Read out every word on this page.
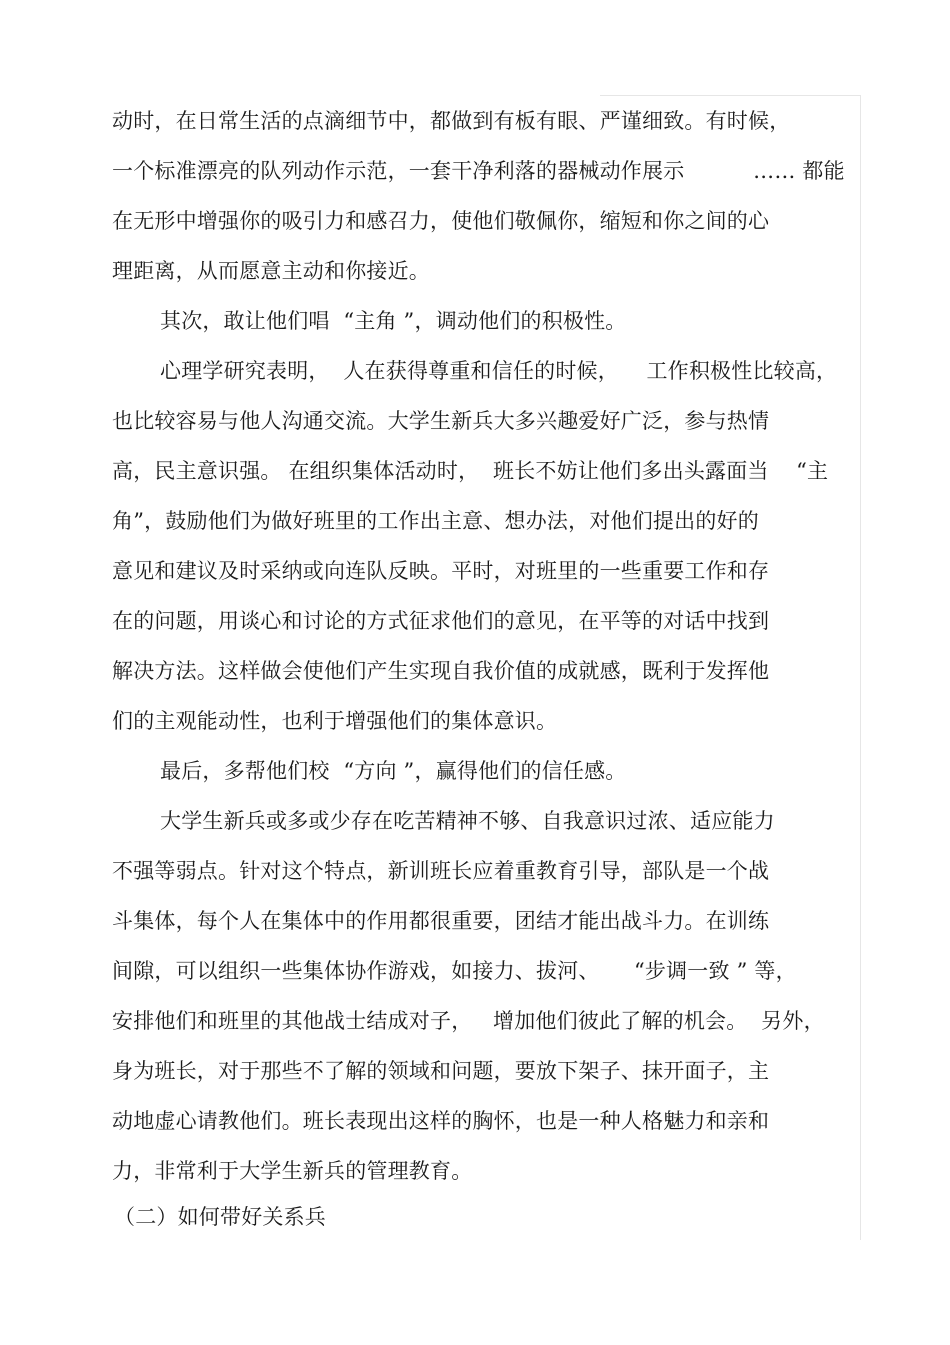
动时，在日常生活的点滴细节中，都做到有板有眼、严谨细致。有时候，
一个标准漂亮的队列动作示范，一套干净利落的器械动作展示          …… 都能
在无形中增强你的吸引力和感召力，使他们敬佩你，缩短和你之间的心
理距离，从而愿意主动和你接近。
其次，敢让他们唱  “主角 ”，调动他们的积极性。
心理学研究表明，  人在获得尊重和信任的时候，    工作积极性比较高，
也比较容易与他人沟通交流。大学生新兵大多兴趣爱好广泛，参与热情
高，民主意识强。 在组织集体活动时，  班长不妨让他们多出头露面当    “主
角”，鼓励他们为做好班里的工作出主意、想办法，对他们提出的好的
意见和建议及时采纳或向连队反映。平时，对班里的一些重要工作和存
在的问题，用谈心和讨论的方式征求他们的意见，在平等的对话中找到
解决方法。这样做会使他们产生实现自我价值的成就感，既利于发挥他
们的主观能动性，也利于增强他们的集体意识。
最后，多帮他们校  “方向 ”，赢得他们的信任感。
大学生新兵或多或少存在吃苦精神不够、自我意识过浓、适应能力
不强等弱点。针对这个特点，新训班长应着重教育引导，部队是一个战
斗集体，每个人在集体中的作用都很重要，团结才能出战斗力。在训练
间隙，可以组织一些集体协作游戏，如接力、拔河、     “步调一致 ” 等，
安排他们和班里的其他战士结成对子，   增加他们彼此了解的机会。  另外，
身为班长，对于那些不了解的领域和问题，要放下架子、抹开面子，主
动地虚心请教他们。班长表现出这样的胸怀，也是一种人格魅力和亲和
力，非常利于大学生新兵的管理教育。
（二）如何带好关系兵
